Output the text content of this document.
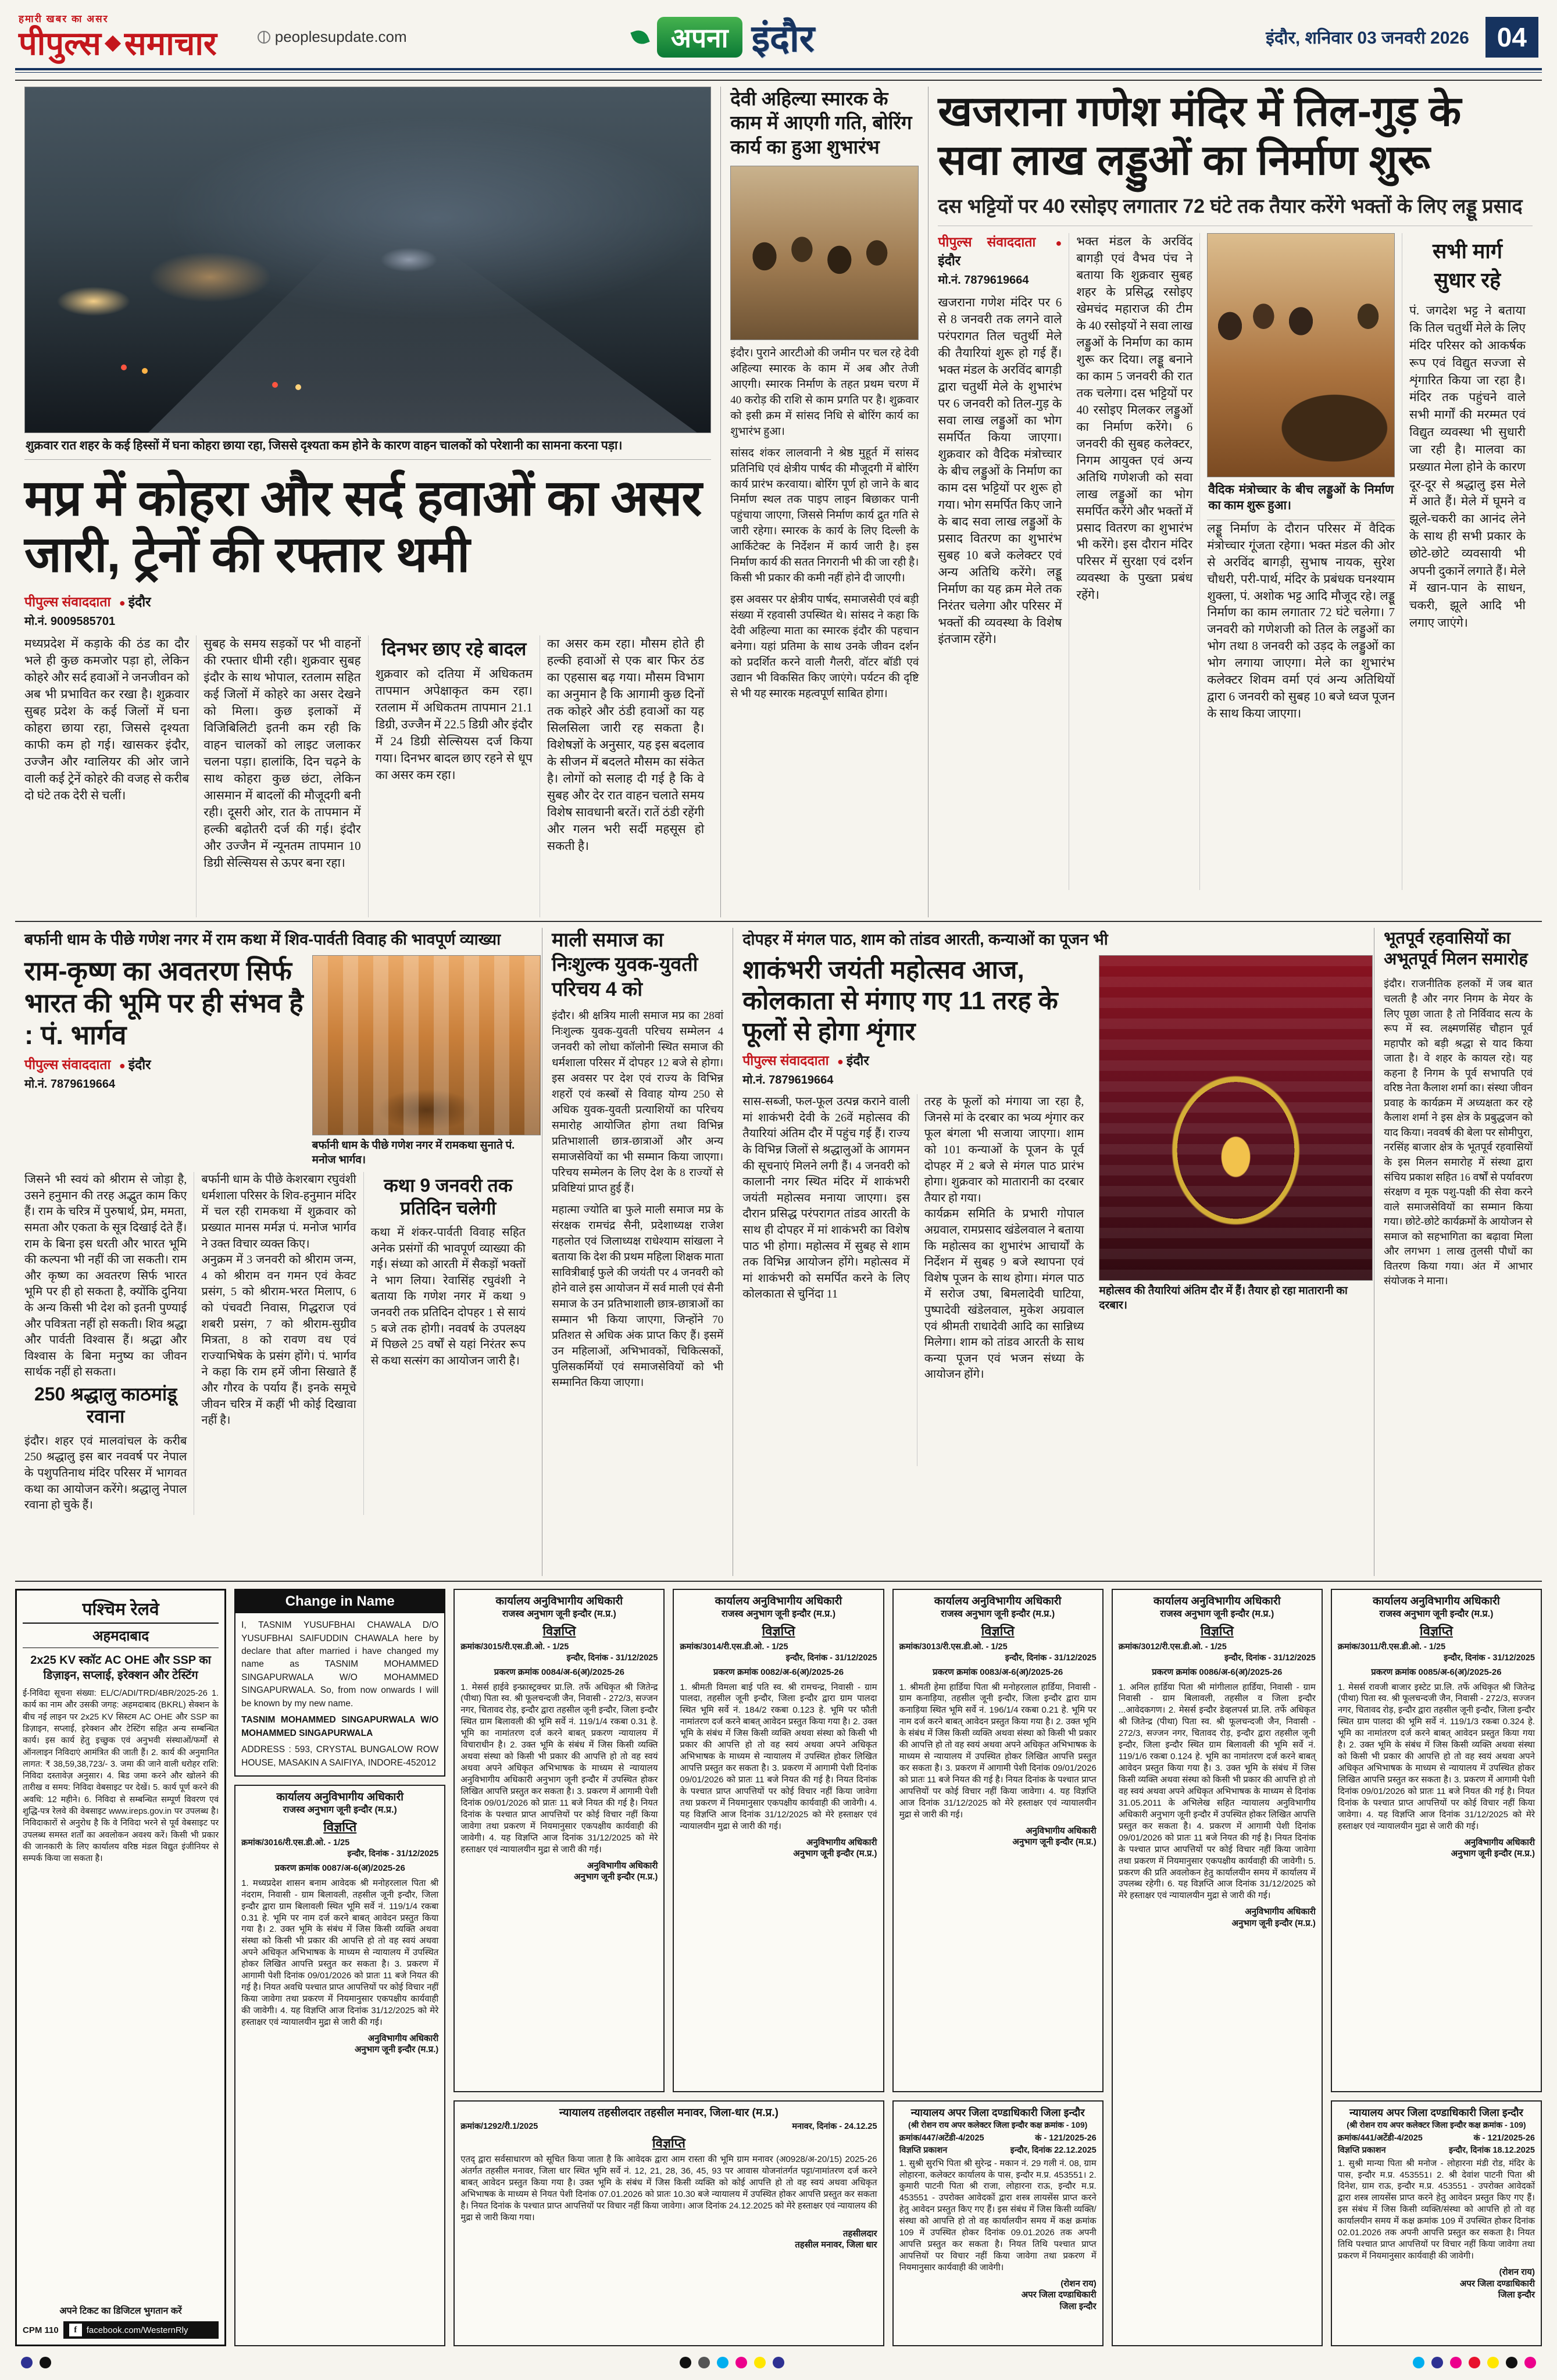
हमारी खबर का असर
पीपुल्स समाचार	peoplesupdate.com	अपना इंदौर	इंदौर, शनिवार 03 जनवरी 2026	04

शुक्रवार रात शहर के कई हिस्सों में घना कोहरा छाया रहा, जिससे दृश्यता कम होने के कारण वाहन चालकों को परेशानी का सामना करना पड़ा।

मप्र में कोहरा और सर्द हवाओं का असर जारी, ट्रेनों की रफ्तार थमी
पीपुल्स संवाददाता ● इंदौर
मो.नं. 9009585701

मध्यप्रदेश में कड़ाके की ठंड का दौर भले ही कुछ कमजोर पड़ा हो, लेकिन कोहरे और सर्द हवाओं ने जनजीवन को अब भी प्रभावित कर रखा है। शुक्रवार सुबह प्रदेश के कई जिलों में घना कोहरा छाया रहा, जिससे दृश्यता काफी कम हो गई। खासकर इंदौर, उज्जैन और ग्वालियर की ओर जाने वाली कई ट्रेनें कोहरे की वजह से करीब दो घंटे तक देरी से चलीं।

सुबह के समय सड़कों पर भी वाहनों की रफ्तार धीमी रही। शुक्रवार सुबह इंदौर के साथ भोपाल, रतलाम सहित कई जिलों में कोहरे का असर देखने को मिला। कुछ इलाकों में विजिबिलिटी इतनी कम रही कि वाहन चालकों को लाइट जलाकर चलना पड़ा। हालांकि, दिन चढ़ने के साथ कोहरा कुछ छंटा, लेकिन आसमान में बादलों की मौजूदगी बनी रही। दूसरी ओर, रात के तापमान में हल्की बढ़ोतरी दर्ज की गई। इंदौर और उज्जैन में न्यूनतम तापमान 10 डिग्री सेल्सियस से ऊपर बना रहा।

दिनभर छाए रहे बादल

शुक्रवार को दतिया में अधिकतम तापमान अपेक्षाकृत कम रहा। रतलाम में अधिकतम तापमान 21.1 डिग्री, उज्जैन में 22.5 डिग्री और इंदौर में 24 डिग्री सेल्सियस दर्ज किया गया। दिनभर बादल छाए रहने से धूप का असर कम रहा।

का असर कम रहा। मौसम होते ही हल्की हवाओं से एक बार फिर ठंड का एहसास बढ़ गया। मौसम विभाग का अनुमान है कि आगामी कुछ दिनों तक कोहरे और ठंडी हवाओं का यह सिलसिला जारी रह सकता है। विशेषज्ञों के अनुसार, यह इस बदलाव के सीजन में बदलते मौसम का संकेत है। लोगों को सलाह दी गई है कि वे सुबह और देर रात वाहन चलाते समय विशेष सावधानी बरतें। रातें ठंडी रहेंगी और गलन भरी सर्दी महसूस हो सकती है।

देवी अहिल्या स्मारक के काम में आएगी गति, बोरिंग कार्य का हुआ शुभारंभ

इंदौर। पुराने आरटीओ की जमीन पर चल रहे देवी अहिल्या स्मारक के काम में अब और तेजी आएगी। स्मारक निर्माण के तहत प्रथम चरण में 40 करोड़ की राशि से काम प्रगति पर है। शुक्रवार को इसी क्रम में सांसद निधि से बोरिंग कार्य का शुभारंभ हुआ।

सांसद शंकर लालवानी ने श्रेष्ठ मुहूर्त में सांसद प्रतिनिधि एवं क्षेत्रीय पार्षद की मौजूदगी में बोरिंग कार्य प्रारंभ करवाया। बोरिंग पूर्ण हो जाने के बाद निर्माण स्थल तक पाइप लाइन बिछाकर पानी पहुंचाया जाएगा, जिससे निर्माण कार्य द्रुत गति से जारी रहेगा। स्मारक के कार्य के लिए दिल्ली के आर्किटेक्ट के निर्देशन में कार्य जारी है। इस निर्माण कार्य की सतत निगरानी भी की जा रही है। किसी भी प्रकार की कमी नहीं होने दी जाएगी।

इस अवसर पर क्षेत्रीय पार्षद, समाजसेवी एवं बड़ी संख्या में रहवासी उपस्थित थे। सांसद ने कहा कि देवी अहिल्या माता का स्मारक इंदौर की पहचान बनेगा। यहां प्रतिमा के साथ उनके जीवन दर्शन को प्रदर्शित करने वाली गैलरी, वॉटर बॉडी एवं उद्यान भी विकसित किए जाएंगे। पर्यटन की दृष्टि से भी यह स्मारक महत्वपूर्ण साबित होगा।

खजराना गणेश मंदिर में तिल-गुड़ के सवा लाख लड्डुओं का निर्माण शुरू
दस भट्टियों पर 40 रसोइए लगातार 72 घंटे तक तैयार करेंगे भक्तों के लिए लड्डू प्रसाद
पीपुल्स संवाददाता ● इंदौर
मो.नं. 7879619664

खजराना गणेश मंदिर पर 6 से 8 जनवरी तक लगने वाले परंपरागत तिल चतुर्थी मेले की तैयारियां शुरू हो गई हैं। भक्त मंडल के अरविंद बागड़ी द्वारा चतुर्थी मेले के शुभारंभ पर 6 जनवरी को तिल-गुड़ के सवा लाख लड्डुओं का भोग समर्पित किया जाएगा। शुक्रवार को वैदिक मंत्रोच्चार के बीच लड्डुओं के निर्माण का काम दस भट्टियों पर शुरू हो गया। भोग समर्पित किए जाने के बाद सवा लाख लड्डुओं के प्रसाद वितरण का शुभारंभ सुबह 10 बजे कलेक्टर एवं अन्य अतिथि करेंगे। लड्डू निर्माण का यह क्रम मेले तक निरंतर चलेगा और परिसर में भक्तों की व्यवस्था के विशेष इंतजाम रहेंगे।

भक्त मंडल के अरविंद बागड़ी एवं वैभव पंच ने बताया कि शुक्रवार सुबह शहर के प्रसिद्ध रसोइए खेमचंद महाराज की टीम के 40 रसोइयों ने सवा लाख लड्डुओं के निर्माण का काम शुरू कर दिया। लड्डू बनाने का काम 5 जनवरी की रात तक चलेगा। दस भट्टियों पर 40 रसोइए मिलकर लड्डुओं का निर्माण करेंगे। 6 जनवरी की सुबह कलेक्टर, निगम आयुक्त एवं अन्य अतिथि गणेशजी को सवा लाख लड्डुओं का भोग समर्पित करेंगे और भक्तों में प्रसाद वितरण का शुभारंभ भी करेंगे। इस दौरान मंदिर परिसर में सुरक्षा एवं दर्शन व्यवस्था के पुख्ता प्रबंध रहेंगे।

वैदिक मंत्रोच्चार के बीच लड्डुओं के निर्माण का काम शुरू हुआ।

लड्डू निर्माण के दौरान परिसर में वैदिक मंत्रोच्चार गूंजता रहेगा। भक्त मंडल की ओर से अरविंद बागड़ी, सुभाष नायक, सुरेश चौधरी, परी-पार्थ, मंदिर के प्रबंधक घनश्याम शुक्ला, पं. अशोक भट्ट आदि मौजूद रहे। लड्डू निर्माण का काम लगातार 72 घंटे चलेगा। 7 जनवरी को गणेशजी को तिल के लड्डुओं का भोग तथा 8 जनवरी को उड़द के लड्डुओं का भोग लगाया जाएगा। मेले का शुभारंभ कलेक्टर शिवम वर्मा एवं अन्य अतिथियों द्वारा 6 जनवरी को सुबह 10 बजे ध्वज पूजन के साथ किया जाएगा।

सभी मार्ग सुधार रहे

पं. जगदेश भट्ट ने बताया कि तिल चतुर्थी मेले के लिए मंदिर परिसर को आकर्षक रूप एवं विद्युत सज्जा से शृंगारित किया जा रहा है। मंदिर तक पहुंचने वाले सभी मार्गों की मरम्मत एवं विद्युत व्यवस्था भी सुधारी जा रही है। मालवा का प्रख्यात मेला होने के कारण दूर-दूर से श्रद्धालु इस मेले में आते हैं। मेले में घूमने व झूले-चकरी का आनंद लेने के साथ ही सभी प्रकार के छोटे-छोटे व्यवसायी भी अपनी दुकानें लगाते हैं। मेले में खान-पान के साधन, चकरी, झूले आदि भी लगाए जाएंगे।

बर्फानी धाम के पीछे गणेश नगर में राम कथा में शिव-पार्वती विवाह की भावपूर्ण व्याख्या

राम-कृष्ण का अवतरण सिर्फ भारत की भूमि पर ही संभव है : पं. भार्गव
पीपुल्स संवाददाता ● इंदौर
मो.नं. 7879619664
बर्फानी धाम के पीछे गणेश नगर में रामकथा सुनाते पं. मनोज भार्गव।

जिसने भी स्वयं को श्रीराम से जोड़ा है, उसने हनुमान की तरह अद्भुत काम किए हैं। राम के चरित्र में पुरुषार्थ, प्रेम, ममता, समता और एकता के सूत्र दिखाई देते हैं। राम के बिना इस धरती और भारत भूमि की कल्पना भी नहीं की जा सकती। राम और कृष्ण का अवतरण सिर्फ भारत भूमि पर ही हो सकता है, क्योंकि दुनिया के अन्य किसी भी देश को इतनी पुण्याई और पवित्रता नहीं हो सकती। शिव श्रद्धा और पार्वती विश्वास हैं। श्रद्धा और विश्वास के बिना मनुष्य का जीवन सार्थक नहीं हो सकता।

250 श्रद्धालु काठमांडू रवाना

इंदौर। शहर एवं मालवांचल के करीब 250 श्रद्धालु इस बार नववर्ष पर नेपाल के पशुपतिनाथ मंदिर परिसर में भागवत कथा का आयोजन करेंगे। श्रद्धालु नेपाल रवाना हो चुके हैं।

बर्फानी धाम के पीछे केशरबाग रघुवंशी धर्मशाला परिसर के शिव-हनुमान मंदिर में चल रही रामकथा में शुक्रवार को प्रख्यात मानस मर्मज्ञ पं. मनोज भार्गव ने उक्त विचार व्यक्त किए।

अनुक्रम में 3 जनवरी को श्रीराम जन्म, 4 को श्रीराम वन गमन एवं केवट प्रसंग, 5 को श्रीराम-भरत मिलाप, 6 को पंचवटी निवास, गिद्धराज एवं शबरी प्रसंग, 7 को श्रीराम-सुग्रीव मित्रता, 8 को रावण वध एवं राज्याभिषेक के प्रसंग होंगे। पं. भार्गव ने कहा कि राम हमें जीना सिखाते हैं और गौरव के पर्याय हैं। इनके समूचे जीवन चरित्र में कहीं भी कोई दिखावा नहीं है।

कथा 9 जनवरी तक प्रतिदिन चलेगी

कथा में शंकर-पार्वती विवाह सहित अनेक प्रसंगों की भावपूर्ण व्याख्या की गई। संध्या को आरती में सैकड़ों भक्तों ने भाग लिया। रेवासिंह रघुवंशी ने बताया कि गणेश नगर में कथा 9 जनवरी तक प्रतिदिन दोपहर 1 से सायं 5 बजे तक होगी। नववर्ष के उपलक्ष्य में पिछले 25 वर्षों से यहां निरंतर रूप से कथा सत्संग का आयोजन जारी है।

माली समाज का निःशुल्क युवक-युवती परिचय 4 को

इंदौर। श्री क्षत्रिय माली समाज मप्र का 28वां निःशुल्क युवक-युवती परिचय सम्मेलन 4 जनवरी को लोधा कॉलोनी स्थित समाज की धर्मशाला परिसर में दोपहर 12 बजे से होगा। इस अवसर पर देश एवं राज्य के विभिन्न शहरों एवं कस्बों से विवाह योग्य 250 से अधिक युवक-युवती प्रत्याशियों का परिचय समारोह आयोजित होगा तथा विभिन्न प्रतिभाशाली छात्र-छात्राओं और अन्य समाजसेवियों का भी सम्मान किया जाएगा। परिचय सम्मेलन के लिए देश के 8 राज्यों से प्रविष्टियां प्राप्त हुई हैं।

महात्मा ज्योति बा फुले माली समाज मप्र के संरक्षक रामचंद्र सैनी, प्रदेशाध्यक्ष राजेश गहलोत एवं जिलाध्यक्ष राधेश्याम सांखला ने बताया कि देश की प्रथम महिला शिक्षक माता सावित्रीबाई फुले की जयंती पर 4 जनवरी को होने वाले इस आयोजन में सर्व माली एवं सैनी समाज के उन प्रतिभाशाली छात्र-छात्राओं का सम्मान भी किया जाएगा, जिन्होंने 70 प्रतिशत से अधिक अंक प्राप्त किए हैं। इसमें उन महिलाओं, अभिभावकों, चिकित्सकों, पुलिसकर्मियों एवं समाजसेवियों को भी सम्मानित किया जाएगा।

दोपहर में मंगल पाठ, शाम को तांडव आरती, कन्याओं का पूजन भी

शाकंभरी जयंती महोत्सव आज, कोलकाता से मंगाए गए 11 तरह के फूलों से होगा शृंगार
पीपुल्स संवाददाता ● इंदौर
मो.नं. 7879619664

सास-सब्जी, फल-फूल उत्पन्न कराने वाली मां शाकंभरी देवी के 26वें महोत्सव की तैयारियां अंतिम दौर में पहुंच गई हैं। राज्य के विभिन्न जिलों से श्रद्धालुओं के आगमन की सूचनाएं मिलने लगी हैं। 4 जनवरी को कालानी नगर स्थित मंदिर में शाकंभरी जयंती महोत्सव मनाया जाएगा। इस दौरान प्रसिद्ध परंपरागत तांडव आरती के साथ ही दोपहर में मां शाकंभरी का विशेष पाठ भी होगा। महोत्सव में सुबह से शाम तक विभिन्न आयोजन होंगे। महोत्सव में मां शाकंभरी को समर्पित करने के लिए कोलकाता से चुनिंदा 11

तरह के फूलों को मंगाया जा रहा है, जिनसे मां के दरबार का भव्य शृंगार कर फूल बंगला भी सजाया जाएगा। शाम को 101 कन्याओं के पूजन के पूर्व दोपहर में 2 बजे से मंगल पाठ प्रारंभ होगा। शुक्रवार को मातारानी का दरबार तैयार हो गया।

कार्यक्रम समिति के प्रभारी गोपाल अग्रवाल, रामप्रसाद खंडेलवाल ने बताया कि महोत्सव का शुभारंभ आचार्यों के निर्देशन में सुबह 9 बजे स्थापना एवं विशेष पूजन के साथ होगा। मंगल पाठ में सरोज उषा, बिमलादेवी घाटिया, पुष्पादेवी खंडेलवाल, मुकेश अग्रवाल एवं श्रीमती राधादेवी आदि का सान्निध्य मिलेगा। शाम को तांडव आरती के साथ कन्या पूजन एवं भजन संध्या के आयोजन होंगे।

महोत्सव की तैयारियां अंतिम दौर में हैं। तैयार हो रहा मातारानी का दरबार।
भूतपूर्व रहवासियों का अभूतपूर्व मिलन समारोह

इंदौर। राजनीतिक हलकों में जब बात चलती है और नगर निगम के मेयर के लिए पूछा जाता है तो निर्विवाद सत्य के रूप में स्व. लक्ष्मणसिंह चौहान पूर्व महापौर को बड़ी श्रद्धा से याद किया जाता है। वे शहर के कायल रहे। यह कहना है निगम के पूर्व सभापति एवं वरिष्ठ नेता कैलाश शर्मा का। संस्था जीवन प्रवाह के कार्यक्रम में अध्यक्षता कर रहे कैलाश शर्मा ने इस क्षेत्र के प्रबुद्धजन को याद किया। नववर्ष की बेला पर सोमीपुरा, नरसिंह बाजार क्षेत्र के भूतपूर्व रहवासियों के इस मिलन समारोह में संस्था द्वारा संचिय प्रकाश सहित 16 वर्षों से पर्यावरण संरक्षण व मूक पशु-पक्षी की सेवा करने वाले समाजसेवियों का सम्मान किया गया। छोटे-छोटे कार्यक्रमों के आयोजन से समाज को सहभागिता का बढ़ावा मिला और लगभग 1 लाख तुलसी पौधों का वितरण किया गया। अंत में आभार संयोजक ने माना।

पश्चिम रेलवे
अहमदाबाद
2x25 KV स्कॉट AC OHE और SSP का डिज़ाइन, सप्लाई, इरेक्शन और टेस्टिंग
ई-निविदा सूचना संख्या: EL/C/ADI/TRD/4BR/2025-26 1. कार्य का नाम और उसकी जगह: अहमदाबाद (BKRL) सेक्शन के बीच नई लाइन पर 2x25 KV सिस्टम AC OHE और SSP का डिज़ाइन, सप्लाई, इरेक्शन और टेस्टिंग सहित अन्य सम्बन्धित कार्य। इस कार्य हेतु इच्छुक एवं अनुभवी संस्थाओं/फर्मों से ऑनलाइन निविदाएं आमंत्रित की जाती हैं। 2. कार्य की अनुमानित लागत: ₹ 38,59,38,723/- 3. जमा की जाने वाली धरोहर राशि: निविदा दस्तावेज़ अनुसार। 4. बिड जमा करने और खोलने की तारीख व समय: निविदा वेबसाइट पर देखें। 5. कार्य पूर्ण करने की अवधि: 12 महीने। 6. निविदा से सम्बन्धित सम्पूर्ण विवरण एवं शुद्धि-पत्र रेलवे की वेबसाइट www.ireps.gov.in पर उपलब्ध है। निविदाकारों से अनुरोध है कि वे निविदा भरने से पूर्व वेबसाइट पर उपलब्ध समस्त शर्तों का अवलोकन अवश्य करें। किसी भी प्रकार की जानकारी के लिए कार्यालय वरिष्ठ मंडल विद्युत इंजीनियर से सम्पर्क किया जा सकता है।
अपने टिकट का डिजिटल भुगतान करें
CPM 110	f	facebook.com/WesternRly
Change in Name

I, TASNIM YUSUFBHAI CHAWALA D/O YUSUFBHAI SAIFUDDIN CHAWALA here by declare that after married i have changed my name as TASNIM MOHAMMED SINGAPURWALA W/O MOHAMMED SINGAPURWALA. So, from now onwards I will be known by my new name.

TASNIM MOHAMMED SINGAPURWALA W/O MOHAMMED SINGAPURWALA

ADDRESS : 593, CRYSTAL BUNGALOW ROW HOUSE, MASAKIN A SAIFIYA, INDORE-452012

कार्यालय अनुविभागीय अधिकारी
राजस्व अनुभाग जूनी इन्दौर (म.प्र.)
विज्ञप्ति
क्रमांक/3016/री.एस.डी.ओ. - 1/25
इन्दौर, दिनांक - 31/12/2025
प्रकरण क्रमांक 0087/अ-6(अ)/2025-26
1. मध्यप्रदेश शासन बनाम आवेदक श्री मनोहरलाल पिता श्री नंदराम, निवासी - ग्राम बिलावली, तहसील जूनी इन्दौर, जिला इन्दौर द्वारा ग्राम बिलावली स्थित भूमि सर्वे नं. 119/1/4 रकबा 0.31 हे. भूमि पर नाम दर्ज करने बाबत् आवेदन प्रस्तुत किया गया है। 2. उक्त भूमि के संबंध में जिस किसी व्यक्ति अथवा संस्था को किसी भी प्रकार की आपत्ति हो तो वह स्वयं अथवा अपने अधिकृत अभिभाषक के माध्यम से न्यायालय में उपस्थित होकर लिखित आपत्ति प्रस्तुत कर सकता है। 3. प्रकरण में आगामी पेशी दिनांक 09/01/2026 को प्रातः 11 बजे नियत की गई है। नियत अवधि पश्चात प्राप्त आपत्तियों पर कोई विचार नहीं किया जावेगा तथा प्रकरण में नियमानुसार एकपक्षीय कार्यवाही की जावेगी। 4. यह विज्ञप्ति आज दिनांक 31/12/2025 को मेरे हस्ताक्षर एवं न्यायालयीन मुद्रा से जारी की गई।
अनुविभागीय अधिकारी
अनुभाग जूनी इन्दौर (म.प्र.)
कार्यालय अनुविभागीय अधिकारी
राजस्व अनुभाग जूनी इन्दौर (म.प्र.)
विज्ञप्ति
क्रमांक/3015/री.एस.डी.ओ. - 1/25
इन्दौर, दिनांक - 31/12/2025
प्रकरण क्रमांक 0084/अ-6(अ)/2025-26
1. मेसर्स हाईवे इन्फ्रास्ट्रक्चर प्रा.लि. तर्फे अधिकृत श्री जितेन्द्र (पीथा) पिता स्व. श्री फूलचन्दजी जैन, निवासी - 272/3, सज्जन नगर, चितावद रोड़, इन्दौर द्वारा तहसील जूनी इन्दौर, जिला इन्दौर स्थित ग्राम बिलावली की भूमि सर्वे नं. 119/1/4 रकबा 0.31 हे. भूमि का नामांतरण दर्ज करने बाबत् प्रकरण न्यायालय में विचाराधीन है। 2. उक्त भूमि के संबंध में जिस किसी व्यक्ति अथवा संस्था को किसी भी प्रकार की आपत्ति हो तो वह स्वयं अथवा अपने अधिकृत अभिभाषक के माध्यम से न्यायालय अनुविभागीय अधिकारी अनुभाग जूनी इन्दौर में उपस्थित होकर लिखित आपत्ति प्रस्तुत कर सकता है। 3. प्रकरण में आगामी पेशी दिनांक 09/01/2026 को प्रातः 11 बजे नियत की गई है। नियत दिनांक के पश्चात प्राप्त आपत्तियों पर कोई विचार नहीं किया जावेगा तथा प्रकरण में नियमानुसार एकपक्षीय कार्यवाही की जावेगी। 4. यह विज्ञप्ति आज दिनांक 31/12/2025 को मेरे हस्ताक्षर एवं न्यायालयीन मुद्रा से जारी की गई।
अनुविभागीय अधिकारी
अनुभाग जूनी इन्दौर (म.प्र.)
कार्यालय अनुविभागीय अधिकारी
राजस्व अनुभाग जूनी इन्दौर (म.प्र.)
विज्ञप्ति
क्रमांक/3014/री.एस.डी.ओ. - 1/25
इन्दौर, दिनांक - 31/12/2025
प्रकरण क्रमांक 0082/अ-6(अ)/2025-26
1. श्रीमती विमला बाई पति स्व. श्री रामचन्द्र, निवासी - ग्राम पालदा, तहसील जूनी इन्दौर, जिला इन्दौर द्वारा ग्राम पालदा स्थित भूमि सर्वे नं. 184/2 रकबा 0.123 हे. भूमि पर फौती नामांतरण दर्ज करने बाबत् आवेदन प्रस्तुत किया गया है। 2. उक्त भूमि के संबंध में जिस किसी व्यक्ति अथवा संस्था को किसी भी प्रकार की आपत्ति हो तो वह स्वयं अथवा अपने अधिकृत अभिभाषक के माध्यम से न्यायालय में उपस्थित होकर लिखित आपत्ति प्रस्तुत कर सकता है। 3. प्रकरण में आगामी पेशी दिनांक 09/01/2026 को प्रातः 11 बजे नियत की गई है। नियत दिनांक के पश्चात प्राप्त आपत्तियों पर कोई विचार नहीं किया जावेगा तथा प्रकरण में नियमानुसार एकपक्षीय कार्यवाही की जावेगी। 4. यह विज्ञप्ति आज दिनांक 31/12/2025 को मेरे हस्ताक्षर एवं न्यायालयीन मुद्रा से जारी की गई।
अनुविभागीय अधिकारी
अनुभाग जूनी इन्दौर (म.प्र.)
कार्यालय अनुविभागीय अधिकारी
राजस्व अनुभाग जूनी इन्दौर (म.प्र.)
विज्ञप्ति
क्रमांक/3013/री.एस.डी.ओ. - 1/25
इन्दौर, दिनांक - 31/12/2025
प्रकरण क्रमांक 0083/अ-6(अ)/2025-26
1. श्रीमती हेमा हार्डिया पिता श्री मनोहरलाल हार्डिया, निवासी - ग्राम कनाड़िया, तहसील जूनी इन्दौर, जिला इन्दौर द्वारा ग्राम कनाड़िया स्थित भूमि सर्वे नं. 196/1/4 रकबा 0.21 हे. भूमि पर नाम दर्ज करने बाबत् आवेदन प्रस्तुत किया गया है। 2. उक्त भूमि के संबंध में जिस किसी व्यक्ति अथवा संस्था को किसी भी प्रकार की आपत्ति हो तो वह स्वयं अथवा अपने अधिकृत अभिभाषक के माध्यम से न्यायालय में उपस्थित होकर लिखित आपत्ति प्रस्तुत कर सकता है। 3. प्रकरण में आगामी पेशी दिनांक 09/01/2026 को प्रातः 11 बजे नियत की गई है। नियत दिनांक के पश्चात प्राप्त आपत्तियों पर कोई विचार नहीं किया जावेगा। 4. यह विज्ञप्ति आज दिनांक 31/12/2025 को मेरे हस्ताक्षर एवं न्यायालयीन मुद्रा से जारी की गई।
अनुविभागीय अधिकारी
अनुभाग जूनी इन्दौर (म.प्र.)
कार्यालय अनुविभागीय अधिकारी
राजस्व अनुभाग जूनी इन्दौर (म.प्र.)
विज्ञप्ति
क्रमांक/3012/री.एस.डी.ओ. - 1/25
इन्दौर, दिनांक - 31/12/2025
प्रकरण क्रमांक 0086/अ-6(अ)/2025-26
1. अनिल हार्डिया पिता श्री मांगीलाल हार्डिया, निवासी - ग्राम निवासी - ग्राम बिलावली, तहसील व जिला इन्दौर ...आवेदकगण। 2. मेसर्स इन्दौर डेव्हलपर्स प्रा.लि. तर्फे अधिकृत श्री जितेन्द्र (पीथा) पिता स्व. श्री फूलचन्दजी जैन, निवासी - 272/3, सज्जन नगर, चितावद रोड़, इन्दौर द्वारा तहसील जूनी इन्दौर, जिला इन्दौर स्थित ग्राम बिलावली की भूमि सर्वे नं. 119/1/6 रकबा 0.124 हे. भूमि का नामांतरण दर्ज करने बाबत् आवेदन प्रस्तुत किया गया है। 3. उक्त भूमि के संबंध में जिस किसी व्यक्ति अथवा संस्था को किसी भी प्रकार की आपत्ति हो तो वह स्वयं अथवा अपने अधिकृत अभिभाषक के माध्यम से दिनांक 31.05.2011 के अभिलेख सहित न्यायालय अनुविभागीय अधिकारी अनुभाग जूनी इन्दौर में उपस्थित होकर लिखित आपत्ति प्रस्तुत कर सकता है। 4. प्रकरण में आगामी पेशी दिनांक 09/01/2026 को प्रातः 11 बजे नियत की गई है। नियत दिनांक के पश्चात प्राप्त आपत्तियों पर कोई विचार नहीं किया जावेगा तथा प्रकरण में नियमानुसार एकपक्षीय कार्यवाही की जावेगी। 5. प्रकरण की प्रति अवलोकन हेतु कार्यालयीन समय में कार्यालय में उपलब्ध रहेगी। 6. यह विज्ञप्ति आज दिनांक 31/12/2025 को मेरे हस्ताक्षर एवं न्यायालयीन मुद्रा से जारी की गई।
अनुविभागीय अधिकारी
अनुभाग जूनी इन्दौर (म.प्र.)
कार्यालय अनुविभागीय अधिकारी
राजस्व अनुभाग जूनी इन्दौर (म.प्र.)
विज्ञप्ति
क्रमांक/3011/री.एस.डी.ओ. - 1/25
इन्दौर, दिनांक - 31/12/2025
प्रकरण क्रमांक 0085/अ-6(अ)/2025-26
1. मेसर्स रावजी बाजार इस्टेट प्रा.लि. तर्फे अधिकृत श्री जितेन्द्र (पीथा) पिता स्व. श्री फूलचन्दजी जैन, निवासी - 272/3, सज्जन नगर, चितावद रोड़, इन्दौर द्वारा तहसील जूनी इन्दौर, जिला इन्दौर स्थित ग्राम पालदा की भूमि सर्वे नं. 119/1/3 रकबा 0.324 हे. भूमि का नामांतरण दर्ज करने बाबत् आवेदन प्रस्तुत किया गया है। 2. उक्त भूमि के संबंध में जिस किसी व्यक्ति अथवा संस्था को किसी भी प्रकार की आपत्ति हो तो वह स्वयं अथवा अपने अधिकृत अभिभाषक के माध्यम से न्यायालय में उपस्थित होकर लिखित आपत्ति प्रस्तुत कर सकता है। 3. प्रकरण में आगामी पेशी दिनांक 09/01/2026 को प्रातः 11 बजे नियत की गई है। नियत दिनांक के पश्चात प्राप्त आपत्तियों पर कोई विचार नहीं किया जावेगा। 4. यह विज्ञप्ति आज दिनांक 31/12/2025 को मेरे हस्ताक्षर एवं न्यायालयीन मुद्रा से जारी की गई।
अनुविभागीय अधिकारी
अनुभाग जूनी इन्दौर (म.प्र.)
न्यायालय तहसीलदार तहसील मनावर, जिला-धार (म.प्र.)
क्रमांक/1292/री.1/2025	मनावर, दिनांक - 24.12.25
विज्ञप्ति
एतद् द्वारा सर्वसाधारण को सूचित किया जाता है कि आवेदक द्वारा आम रास्ता की भूमि ग्राम मनावर (अ0928/अ-20/15) 2025-26 अंतर्गत तहसील मनावर, जिला धार स्थित भूमि सर्वे नं. 12, 21, 28, 36, 45, 93 पर आवास योजनांतर्गत पट्टा/नामांतरण दर्ज करने बाबत् आवेदन प्रस्तुत किया गया है। उक्त भूमि के संबंध में जिस किसी व्यक्ति को कोई आपत्ति हो तो वह स्वयं अथवा अधिकृत अभिभाषक के माध्यम से नियत पेशी दिनांक 07.01.2026 को प्रातः 10.30 बजे न्यायालय में उपस्थित होकर आपत्ति प्रस्तुत कर सकता है। नियत दिनांक के पश्चात प्राप्त आपत्तियों पर विचार नहीं किया जावेगा। आज दिनांक 24.12.2025 को मेरे हस्ताक्षर एवं न्यायालय की मुद्रा से जारी किया गया।
तहसीलदार
तहसील मनावर, जिला धार
न्यायालय अपर जिला दण्डाधिकारी जिला इन्दौर
(श्री रोशन राय अपर कलेक्टर जिला इन्दौर कक्ष क्रमांक - 109)
क्रमांक/447/अटेंडी-4/2025	कं - 121/2025-26
विज्ञप्ति प्रकाशन	इन्दौर, दिनांक 22.12.2025
1. सुश्री सुरभि पिता श्री सुरेन्द्र - मकान नं. 29 गली नं. 08, ग्राम लोहारना, कलेक्टर कार्यालय के पास, इन्दौर म.प्र. 453551। 2. कुमारी पाटनी पिता श्री राजा, लोहारना राऊ, इन्दौर म.प्र. 453551 - उपरोक्त आवेदकों द्वारा शस्त्र लायसेंस प्राप्त करने हेतु आवेदन प्रस्तुत किए गए हैं। इस संबंध में जिस किसी व्यक्ति/संस्था को आपत्ति हो तो वह कार्यालयीन समय में कक्ष क्रमांक 109 में उपस्थित होकर दिनांक 09.01.2026 तक अपनी आपत्ति प्रस्तुत कर सकता है। नियत तिथि पश्चात प्राप्त आपत्तियों पर विचार नहीं किया जावेगा तथा प्रकरण में नियमानुसार कार्यवाही की जावेगी।
(रोशन राय)
अपर जिला दण्डाधिकारी
जिला इन्दौर
न्यायालय अपर जिला दण्डाधिकारी जिला इन्दौर
(श्री रोशन राय अपर कलेक्टर जिला इन्दौर कक्ष क्रमांक - 109)
क्रमांक/441/अटेंडी-4/2025	कं - 121/2025-26
विज्ञप्ति प्रकाशन	इन्दौर, दिनांक 18.12.2025
1. सुश्री मान्या पिता श्री मनोज - लोहारना मंडी रोड, मंदिर के पास, इन्दौर म.प्र. 453551। 2. श्री देवांश पाटनी पिता श्री दिनेश, ग्राम राऊ, इन्दौर म.प्र. 453551 - उपरोक्त आवेदकों द्वारा शस्त्र लायसेंस प्राप्त करने हेतु आवेदन प्रस्तुत किए गए हैं। इस संबंध में जिस किसी व्यक्ति/संस्था को आपत्ति हो तो वह कार्यालयीन समय में कक्ष क्रमांक 109 में उपस्थित होकर दिनांक 02.01.2026 तक अपनी आपत्ति प्रस्तुत कर सकता है। नियत तिथि पश्चात प्राप्त आपत्तियों पर विचार नहीं किया जावेगा तथा प्रकरण में नियमानुसार कार्यवाही की जावेगी।
(रोशन राय)
अपर जिला दण्डाधिकारी
जिला इन्दौर
